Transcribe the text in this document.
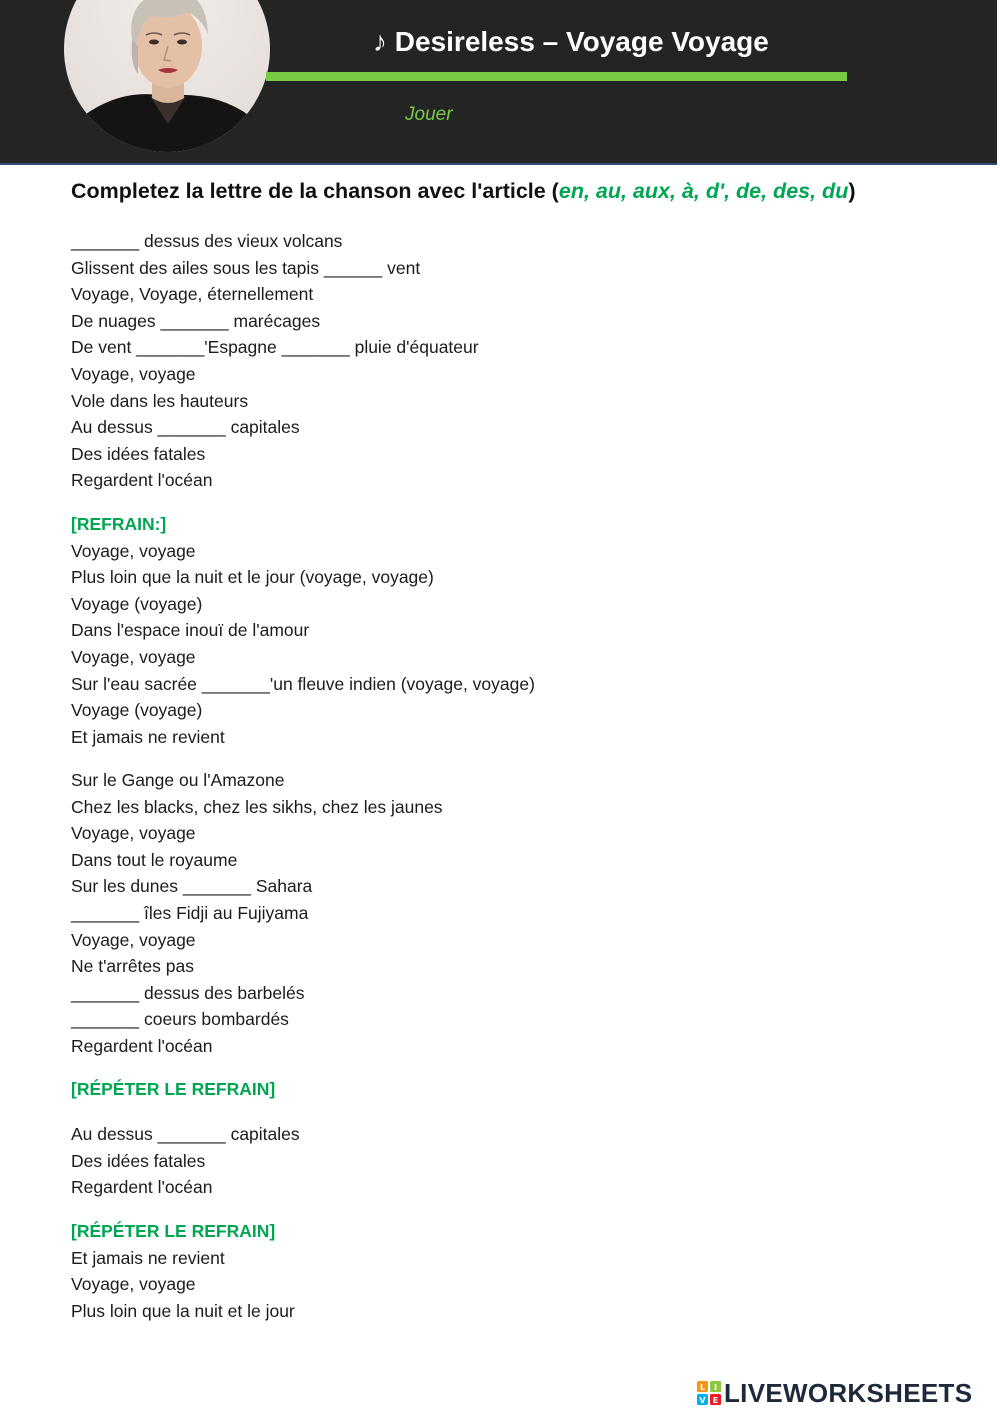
♪ Desireless – Voyage Voyage
Jouer
Completez la lettre de la chanson avec l'article (en, au, aux, à, d', de, des, du)
_______ dessus des vieux volcans
Glissent des ailes sous les tapis ______ vent
Voyage, Voyage, éternellement
De nuages _______ marécages
De vent _______'Espagne _______ pluie d'équateur
Voyage, voyage
Vole dans les hauteurs
Au dessus _______ capitales
Des idées fatales
Regardent l'océan
[REFRAIN:]
Voyage, voyage
Plus loin que la nuit et le jour (voyage, voyage)
Voyage (voyage)
Dans l'espace inouï de l'amour
Voyage, voyage
Sur l'eau sacrée _______'un fleuve indien (voyage, voyage)
Voyage (voyage)
Et jamais ne revient
Sur le Gange ou l'Amazone
Chez les blacks, chez les sikhs, chez les jaunes
Voyage, voyage
Dans tout le royaume
Sur les dunes _______ Sahara
_______ îles Fidji au Fujiyama
Voyage, voyage
Ne t'arrêtes pas
_______ dessus des barbelés
_______ coeurs bombardés
Regardent l'océan
[RÉPÉTER LE REFRAIN]
Au dessus _______ capitales
Des idées fatales
Regardent l'océan
[RÉPÉTER LE REFRAIN]
Et jamais ne revient
Voyage, voyage
Plus loin que la nuit et le jour
L I
V E LIVEWORKSHEETS
